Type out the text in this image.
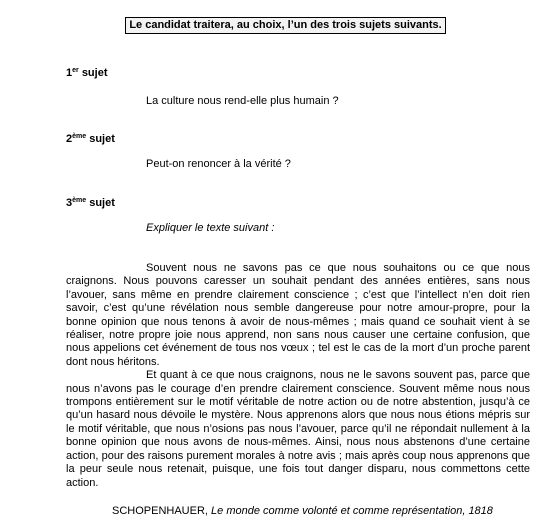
Le candidat traitera, au choix, l’un des trois sujets suivants.
1er sujet
La culture nous rend-elle plus humain ?
2ème sujet
Peut-on renoncer à la vérité ?
3ème sujet
Expliquer le texte suivant :

Souvent nous ne savons pas ce que nous souhaitons ou ce que nous craignons. Nous pouvons caresser un souhait pendant des années entières, sans nous l’avouer, sans même en prendre clairement conscience ; c’est que l’intellect n’en doit rien savoir, c’est qu’une révélation nous semble dangereuse pour notre amour-propre, pour la bonne opinion que nous tenons à avoir de nous-mêmes ; mais quand ce souhait vient à se réaliser, notre propre joie nous apprend, non sans nous causer une certaine confusion, que nous appelions cet événement de tous nos vœux ; tel est le cas de la mort d’un proche parent dont nous héritons.

Et quant à ce que nous craignons, nous ne le savons souvent pas, parce que nous n’avons pas le courage d’en prendre clairement conscience. Souvent même nous nous trompons entièrement sur le motif véritable de notre action ou de notre abstention, jusqu’à ce qu’un hasard nous dévoile le mystère. Nous apprenons alors que nous nous étions mépris sur le motif véritable, que nous n’osions pas nous l’avouer, parce qu’il ne répondait nullement à la bonne opinion que nous avons de nous-mêmes. Ainsi, nous nous abstenons d’une certaine action, pour des raisons purement morales à notre avis ; mais après coup nous apprenons que la peur seule nous retenait, puisque, une fois tout danger disparu, nous commettons cette action.

SCHOPENHAUER, Le monde comme volonté et comme représentation, 1818
